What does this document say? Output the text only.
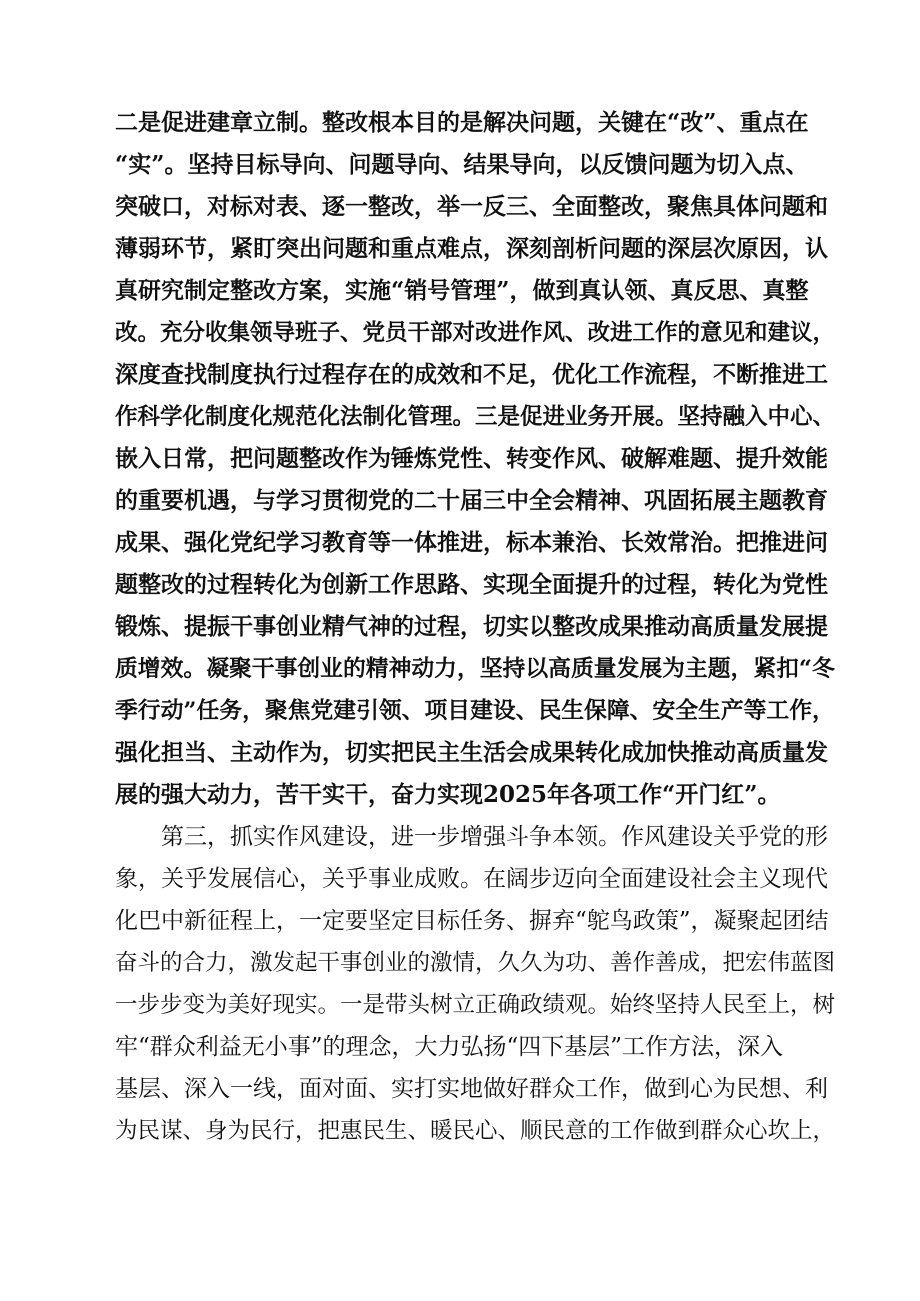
二是促进建章立制。整改根本目的是解决问题，关键在“改”、重点在
“实”。坚持目标导向、问题导向、结果导向，以反馈问题为切入点、
突破口，对标对表、逐一整改，举一反三、全面整改，聚焦具体问题和
薄弱环节，紧盯突出问题和重点难点，深刻剖析问题的深层次原因，认
真研究制定整改方案，实施“销号管理”，做到真认领、真反思、真整
改。充分收集领导班子、党员干部对改进作风、改进工作的意见和建议，
深度查找制度执行过程存在的成效和不足，优化工作流程，不断推进工
作科学化制度化规范化法制化管理。三是促进业务开展。坚持融入中心、
嵌入日常，把问题整改作为锤炼党性、转变作风、破解难题、提升效能
的重要机遇，与学习贯彻党的二十届三中全会精神、巩固拓展主题教育
成果、强化党纪学习教育等一体推进，标本兼治、长效常治。把推进问
题整改的过程转化为创新工作思路、实现全面提升的过程，转化为党性
锻炼、提振干事创业精气神的过程，切实以整改成果推动高质量发展提
质增效。凝聚干事创业的精神动力，坚持以高质量发展为主题，紧扣“冬
季行动”任务，聚焦党建引领、项目建设、民生保障、安全生产等工作，
强化担当、主动作为，切实把民主生活会成果转化成加快推动高质量发
展的强大动力，苦干实干，奋力实现2025年各项工作“开门红”。
　　第三，抓实作风建设，进一步增强斗争本领。作风建设关乎党的形
象，关乎发展信心，关乎事业成败。在阔步迈向全面建设社会主义现代
化巴中新征程上，一定要坚定目标任务、摒弃“鸵鸟政策”，凝聚起团结
奋斗的合力，激发起干事创业的激情，久久为功、善作善成，把宏伟蓝图
一步步变为美好现实。一是带头树立正确政绩观。始终坚持人民至上，树
牢“群众利益无小事”的理念，大力弘扬“四下基层”工作方法，深入
基层、深入一线，面对面、实打实地做好群众工作，做到心为民想、利
为民谋、身为民行，把惠民生、暖民心、顺民意的工作做到群众心坎上，
